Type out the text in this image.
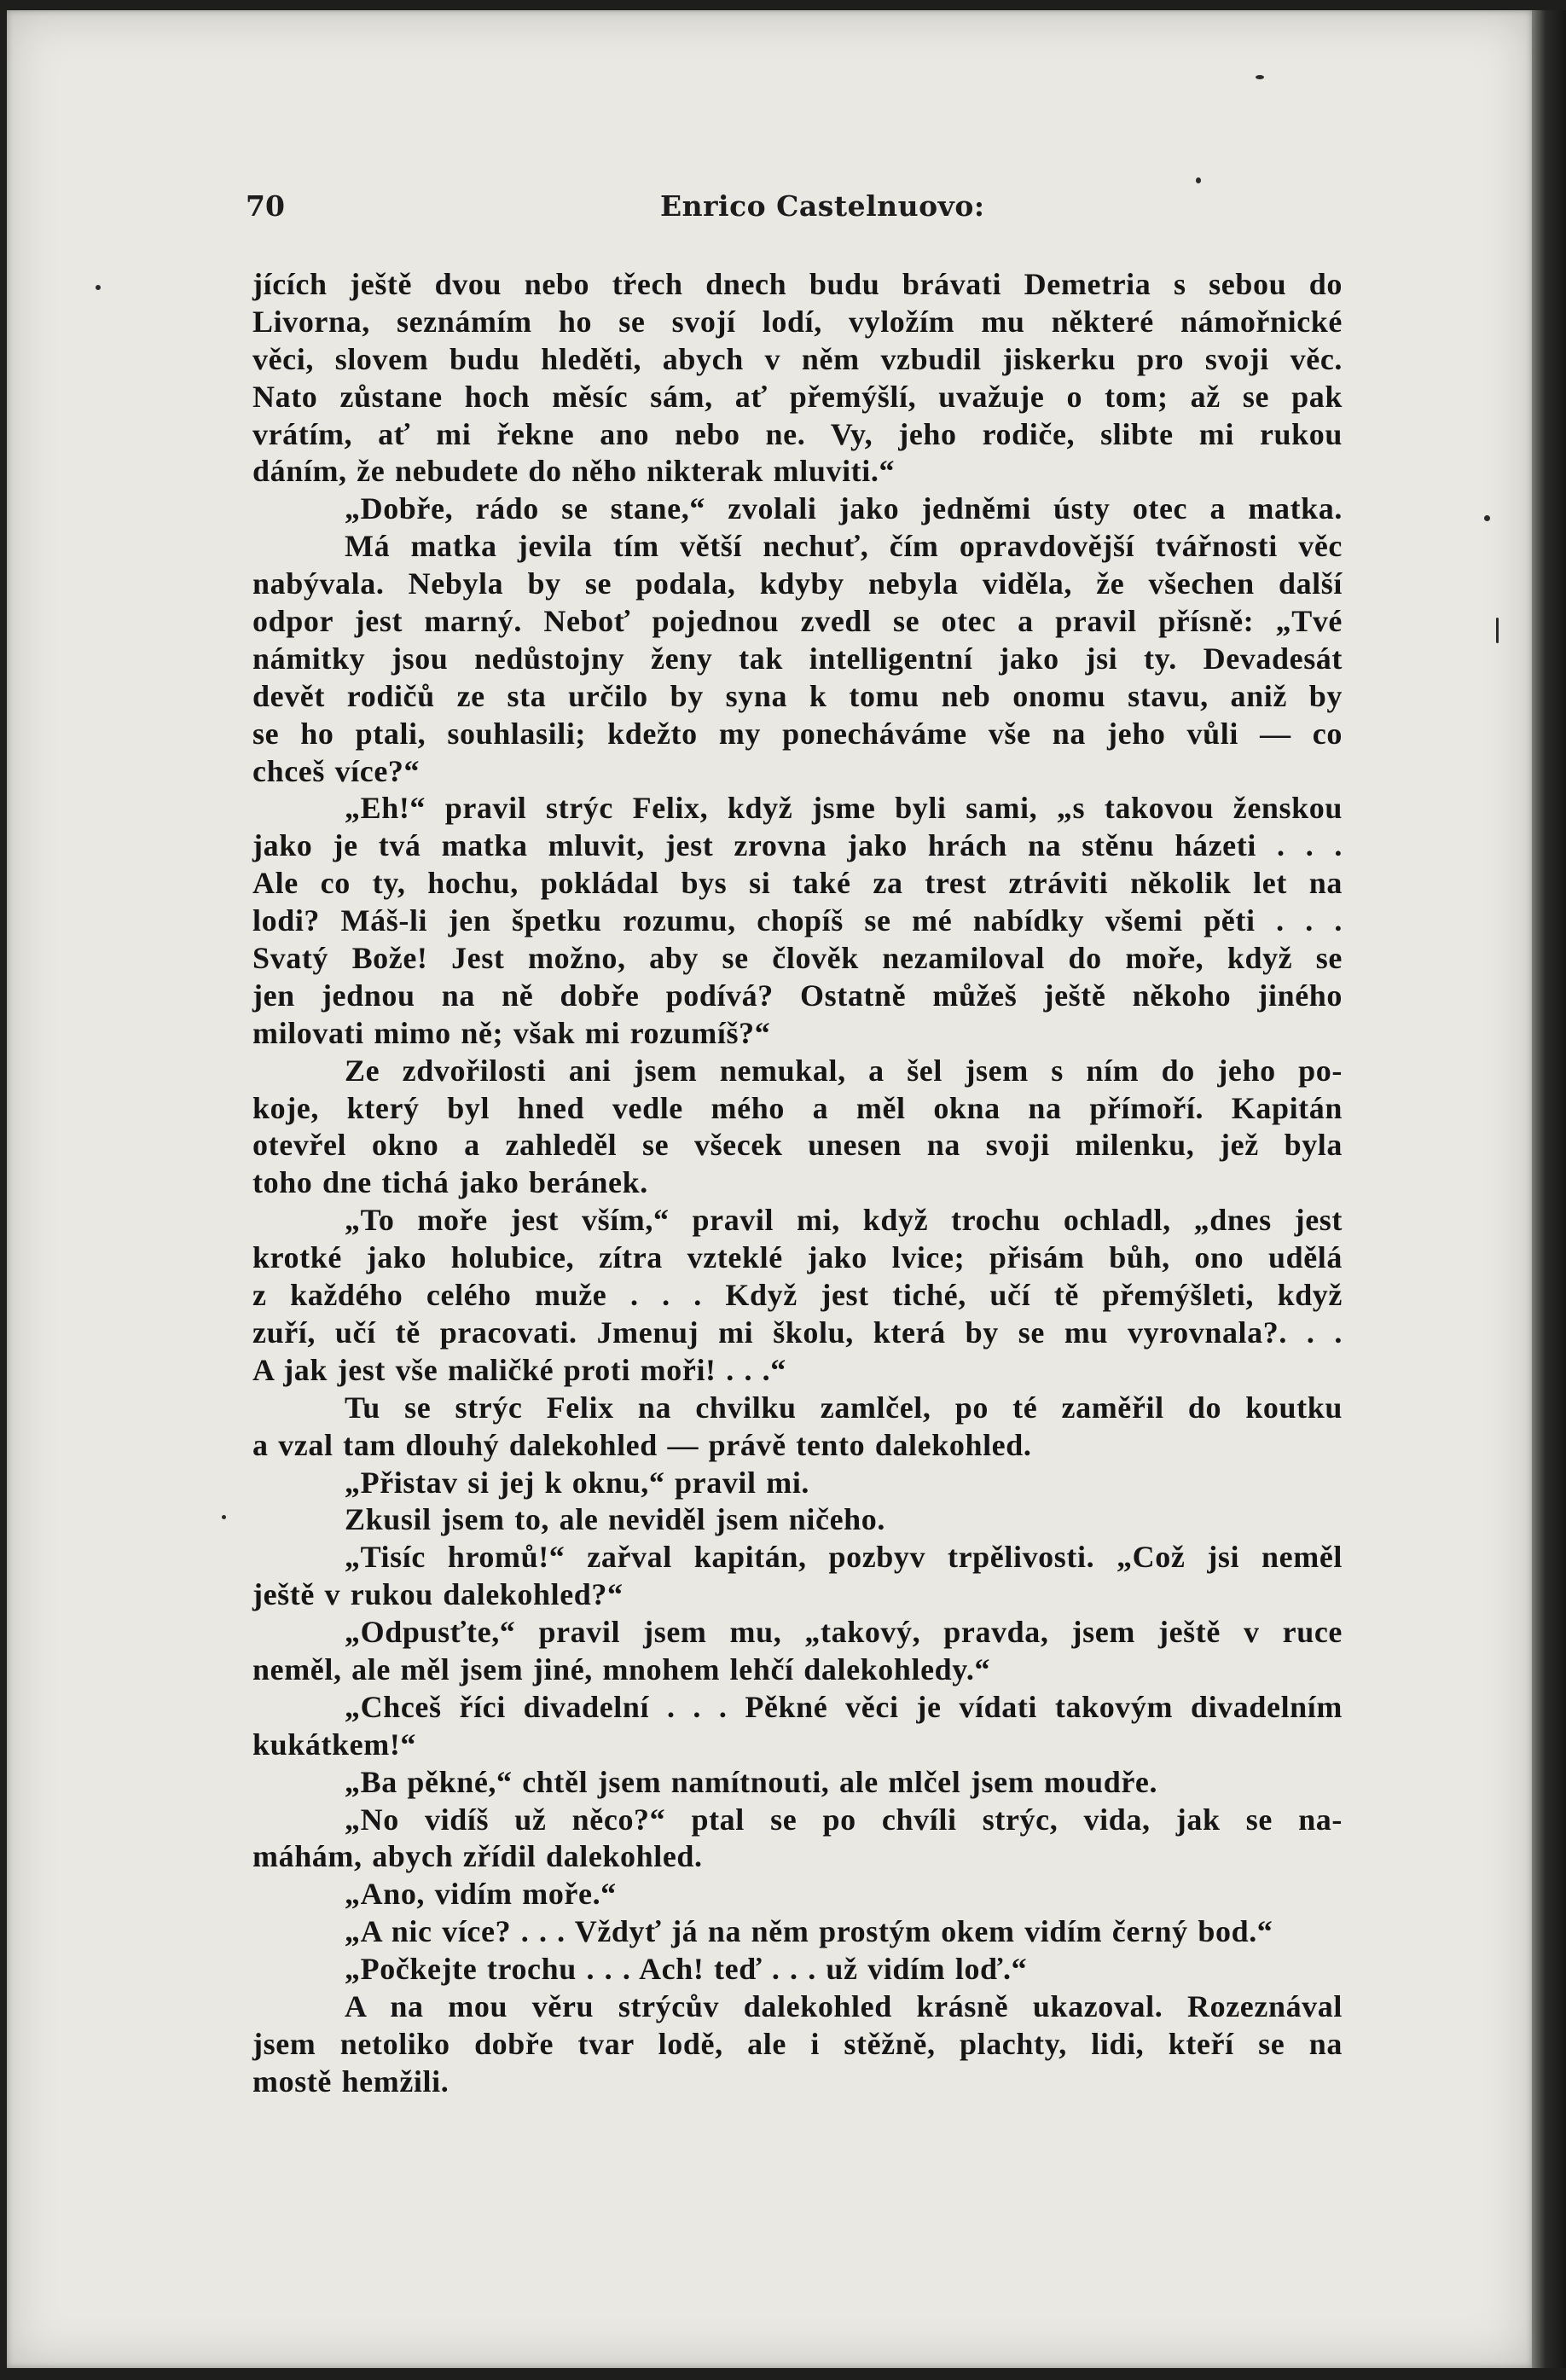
70	Enrico Castelnuovo:
jících ještě dvou nebo třech dnech budu brávati Demetria s sebou do
Livorna, seznámím ho se svojí lodí, vyložím mu některé námořnické
věci, slovem budu hleděti, abych v něm vzbudil jiskerku pro svoji věc.
Nato zůstane hoch měsíc sám, ať přemýšlí, uvažuje o tom; až se pak
vrátím, ať mi řekne ano nebo ne. Vy, jeho rodiče, slibte mi rukou
dáním, že nebudete do něho nikterak mluviti.“
„Dobře, rádo se stane,“ zvolali jako jedněmi ústy otec a matka.
Má matka jevila tím větší nechuť, čím opravdovější tvářnosti věc
nabývala. Nebyla by se podala, kdyby nebyla viděla, že všechen další
odpor jest marný. Neboť pojednou zvedl se otec a pravil přísně: „Tvé
námitky jsou nedůstojny ženy tak intelligentní jako jsi ty. Devadesát
devět rodičů ze sta určilo by syna k tomu neb onomu stavu, aniž by
se ho ptali, souhlasili; kdežto my ponecháváme vše na jeho vůli — co
chceš více?“
„Eh!“ pravil strýc Felix, když jsme byli sami, „s takovou ženskou
jako je tvá matka mluvit, jest zrovna jako hrách na stěnu házeti . . .
Ale co ty, hochu, pokládal bys si také za trest ztráviti několik let na
lodi? Máš-li jen špetku rozumu, chopíš se mé nabídky všemi pěti . . .
Svatý Bože! Jest možno, aby se člověk nezamiloval do moře, když se
jen jednou na ně dobře podívá? Ostatně můžeš ještě někoho jiného
milovati mimo ně; však mi rozumíš?“
Ze zdvořilosti ani jsem nemukal, a šel jsem s ním do jeho po-
koje, který byl hned vedle mého a měl okna na přímoří. Kapitán
otevřel okno a zahleděl se všecek unesen na svoji milenku, jež byla
toho dne tichá jako beránek.
„To moře jest vším,“ pravil mi, když trochu ochladl, „dnes jest
krotké jako holubice, zítra vzteklé jako lvice; přisám bůh, ono udělá
z každého celého muže . . . Když jest tiché, učí tě přemýšleti, když
zuří, učí tě pracovati. Jmenuj mi školu, která by se mu vyrovnala?. . .
A jak jest vše maličké proti moři! . . .“
Tu se strýc Felix na chvilku zamlčel, po té zaměřil do koutku
a vzal tam dlouhý dalekohled — právě tento dalekohled.
„Přistav si jej k oknu,“ pravil mi.
Zkusil jsem to, ale neviděl jsem ničeho.
„Tisíc hromů!“ zařval kapitán, pozbyv trpělivosti. „Což jsi neměl
ještě v rukou dalekohled?“
„Odpusťte,“ pravil jsem mu, „takový, pravda, jsem ještě v ruce
neměl, ale měl jsem jiné, mnohem lehčí dalekohledy.“
„Chceš říci divadelní . . . Pěkné věci je vídati takovým divadelním
kukátkem!“
„Ba pěkné,“ chtěl jsem namítnouti, ale mlčel jsem moudře.
„No vidíš už něco?“ ptal se po chvíli strýc, vida, jak se na-
máhám, abych zřídil dalekohled.
„Ano, vidím moře.“
„A nic více? . . . Vždyť já na něm prostým okem vidím černý bod.“
„Počkejte trochu . . . Ach! teď . . . už vidím loď.“
A na mou věru strýcův dalekohled krásně ukazoval. Rozeznával
jsem netoliko dobře tvar lodě, ale i stěžně, plachty, lidi, kteří se na
mostě hemžili.
